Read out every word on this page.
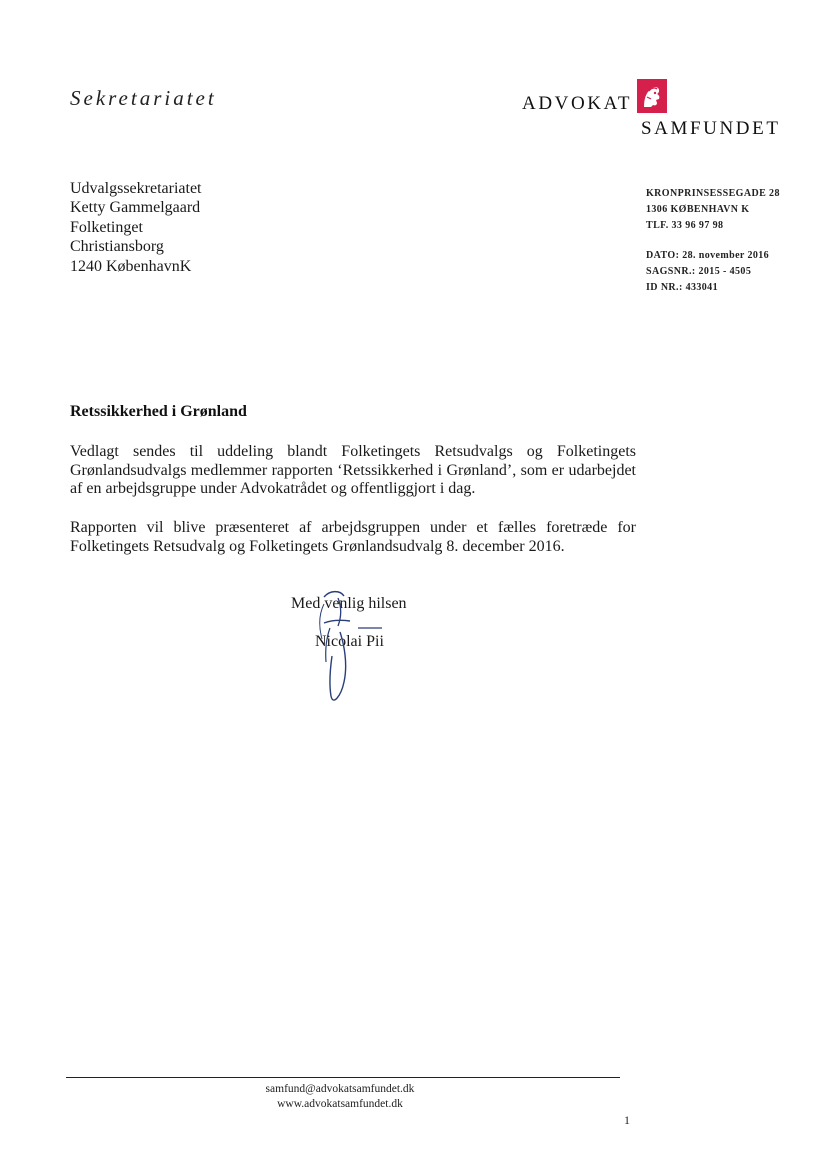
Sekretariatet	ADVOKAT
SAMFUNDET
Udvalgssekretariatet
Ketty Gammelgaard
Folketinget
Christiansborg
1240 KøbenhavnK
KRONPRINSESSEGADE 28
1306 KØBENHAVN K
TLF. 33 96 97 98
DATO: 28. november 2016
SAGSNR.: 2015 - 4505
ID NR.: 433041
Retssikkerhed i Grønland
Vedlagt sendes til uddeling blandt Folketingets Retsudvalgs og Folketingets Grønlandsudvalgs medlemmer rapporten ‘Retssikkerhed i Grønland’, som er udarbejdet af en arbejdsgruppe under Advokatrådet og offentliggjort i dag.
Rapporten vil blive præsenteret af arbejdsgruppen under et fælles foretræde for Folketingets Retsudvalg og Folketingets Grønlandsudvalg 8. december 2016.
Med venlig hilsen
Nicolai Pii
samfund@advokatsamfundet.dk
www.advokatsamfundet.dk
1
